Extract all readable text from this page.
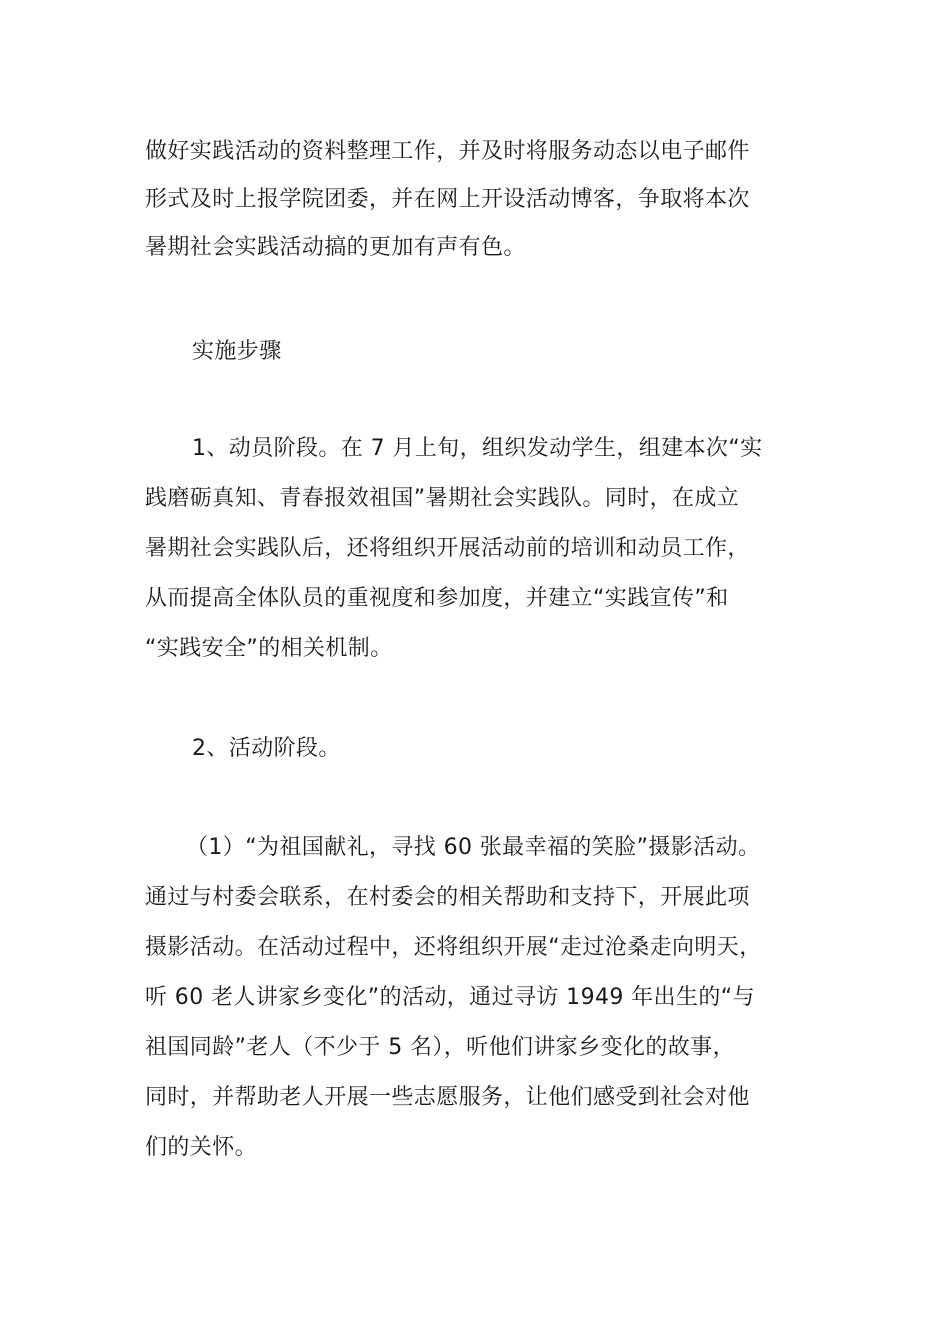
做好实践活动的资料整理工作，并及时将服务动态以电子邮件
形式及时上报学院团委，并在网上开设活动博客，争取将本次
暑期社会实践活动搞的更加有声有色。
实施步骤
1、动员阶段。在 7 月上旬，组织发动学生，组建本次“实
践磨砺真知、青春报效祖国”暑期社会实践队。同时，在成立
暑期社会实践队后，还将组织开展活动前的培训和动员工作，
从而提高全体队员的重视度和参加度，并建立“实践宣传”和
“实践安全”的相关机制。
2、活动阶段。
（1）“为祖国献礼，寻找 60 张最幸福的笑脸”摄影活动。
通过与村委会联系，在村委会的相关帮助和支持下，开展此项
摄影活动。在活动过程中，还将组织开展“走过沧桑走向明天，
听 60 老人讲家乡变化”的活动，通过寻访 1949 年出生的“与
祖国同龄”老人（不少于 5 名），听他们讲家乡变化的故事，
同时，并帮助老人开展一些志愿服务，让他们感受到社会对他
们的关怀。
